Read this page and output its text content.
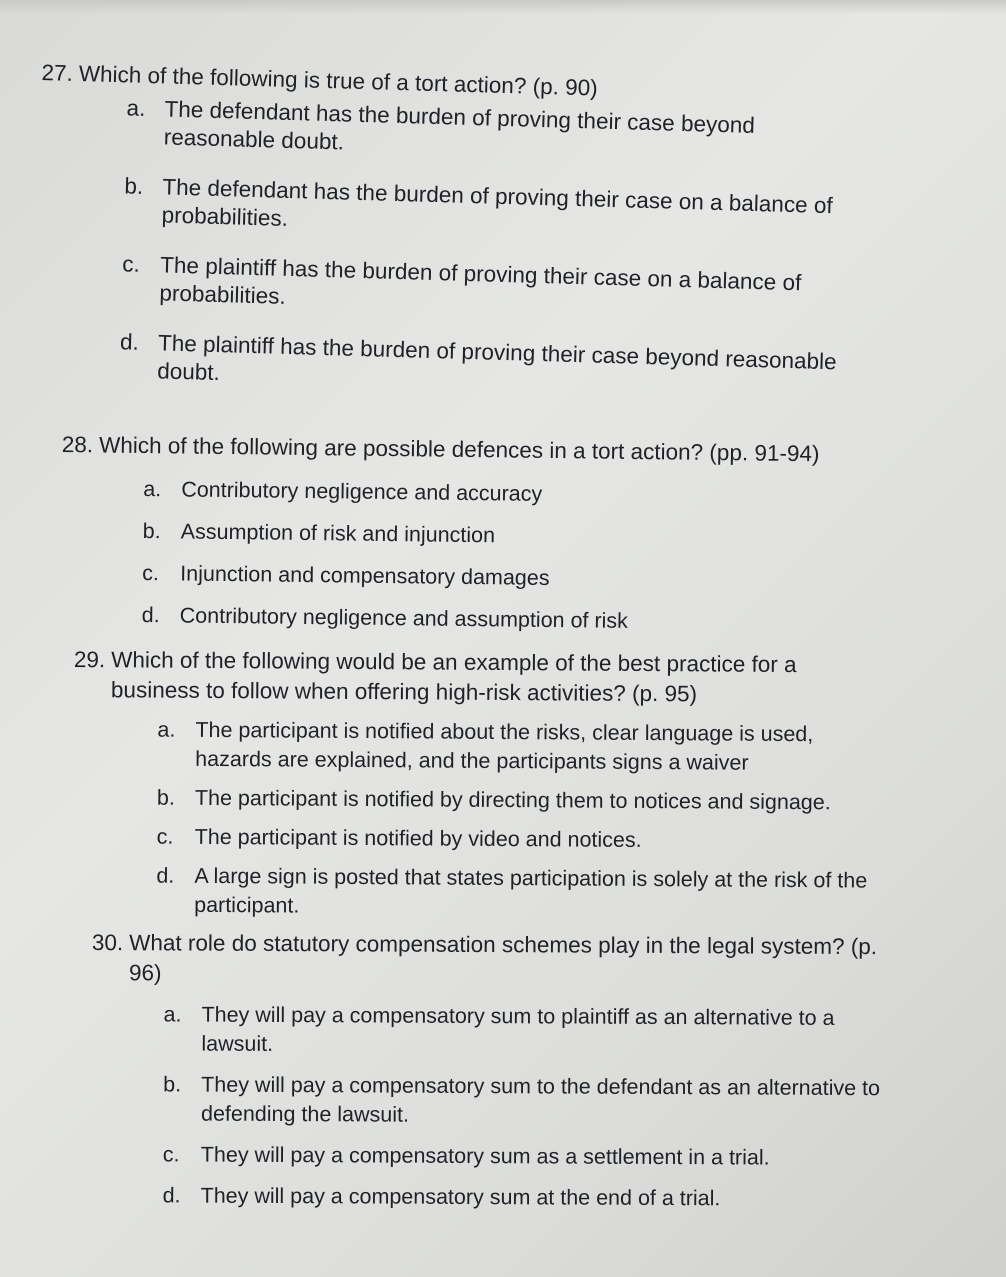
27. Which of the following is true of a tort action? (p. 90)
a. The defendant has the burden of proving their case beyond reasonable doubt.
b. The defendant has the burden of proving their case on a balance of probabilities.
c. The plaintiff has the burden of proving their case on a balance of probabilities.
d. The plaintiff has the burden of proving their case beyond reasonable doubt.
28. Which of the following are possible defences in a tort action? (pp. 91-94)
a. Contributory negligence and accuracy
b. Assumption of risk and injunction
c. Injunction and compensatory damages
d. Contributory negligence and assumption of risk
29. Which of the following would be an example of the best practice for a business to follow when offering high-risk activities? (p. 95)
a. The participant is notified about the risks, clear language is used, hazards are explained, and the participants signs a waiver
b. The participant is notified by directing them to notices and signage.
c. The participant is notified by video and notices.
d. A large sign is posted that states participation is solely at the risk of the participant.
30. What role do statutory compensation schemes play in the legal system? (p. 96)
a. They will pay a compensatory sum to plaintiff as an alternative to a lawsuit.
b. They will pay a compensatory sum to the defendant as an alternative to defending the lawsuit.
c. They will pay a compensatory sum as a settlement in a trial.
d. They will pay a compensatory sum at the end of a trial.
